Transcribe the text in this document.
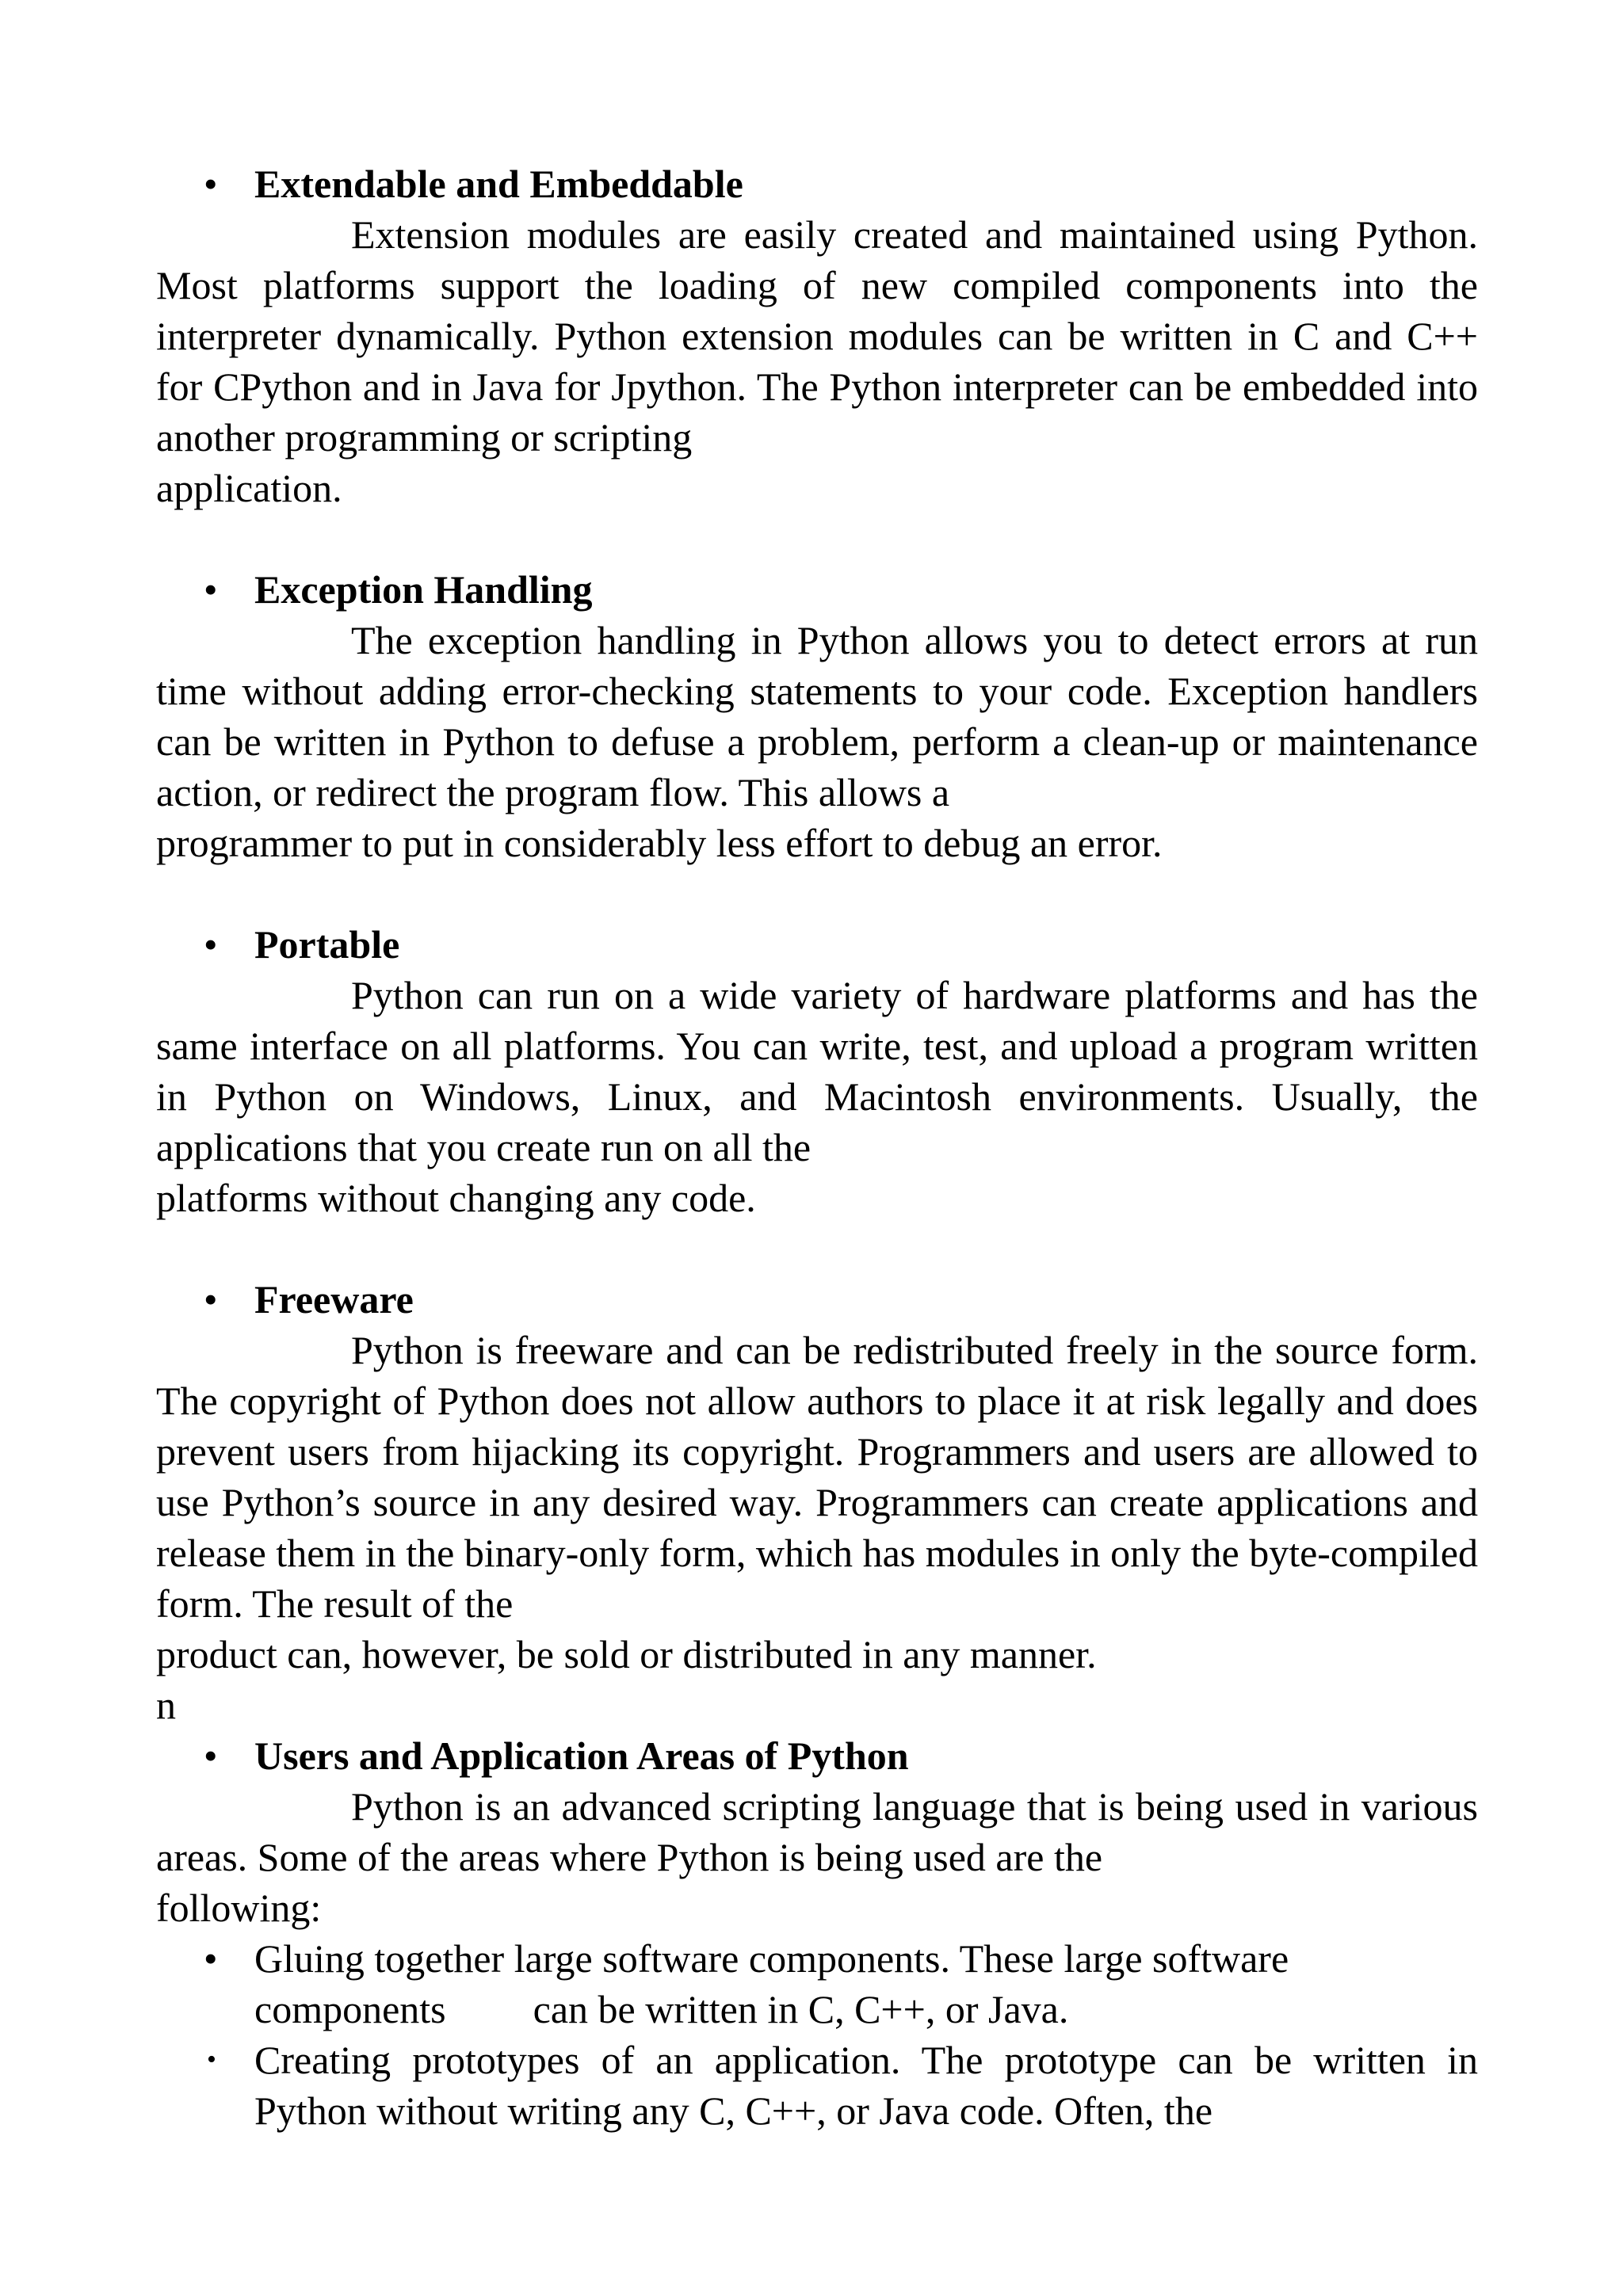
• Extendable and Embeddable

Extension modules are easily created and maintained using Python. Most platforms support the loading of new compiled components into the interpreter dynamically. Python extension modules can be written in C and C++ for CPython and in Java for Jpython. The Python interpreter can be embedded into another programming or scripting
application.

• Exception Handling

The exception handling in Python allows you to detect errors at run time without adding error-checking statements to your code. Exception handlers can be written in Python to defuse a problem, perform a clean-up or maintenance action, or redirect the program flow. This allows a
programmer to put in considerably less effort to debug an error.

• Portable

Python can run on a wide variety of hardware platforms and has the same interface on all platforms. You can write, test, and upload a program written in Python on Windows, Linux, and Macintosh environments. Usually, the applications that you create run on all the
platforms without changing any code.

• Freeware

Python is freeware and can be redistributed freely in the source form. The copyright of Python does not allow authors to place it at risk legally and does prevent users from hijacking its copyright. Programmers and users are allowed to use Python’s source in any desired way. Programmers can create applications and release them in the binary-only form, which has modules in only the byte-compiled form. The result of the
product can, however, be sold or distributed in any manner.

n
• Users and Application Areas of Python

Python is an advanced scripting language that is being used in various areas. Some of the areas where Python is being used are the
following:

• Gluing together large software components. These large software
components can be written in C, C++, or Java.
• Creating prototypes of an application. The prototype can be written in Python without writing any C, C++, or Java code. Often, the
